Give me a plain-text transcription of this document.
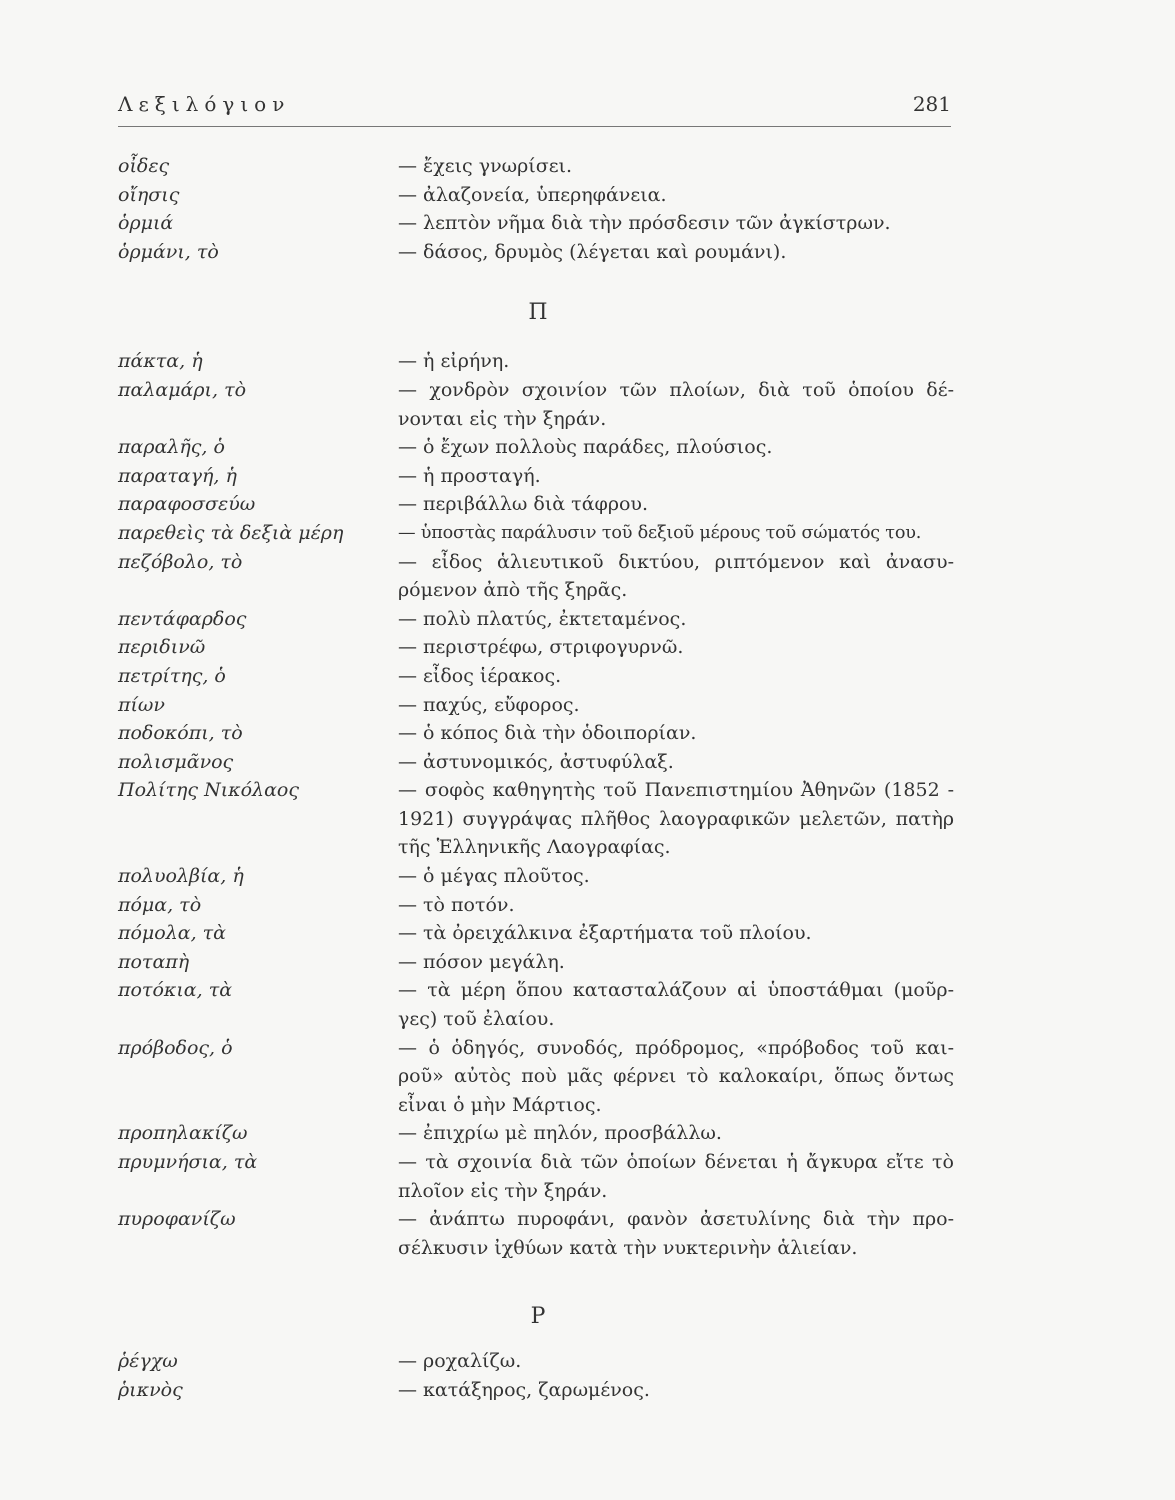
Λεξιλόγιον	281
οἶδες	— ἔχεις γνωρίσει.
οἴησις	— ἀλαζονεία, ὑπερηφάνεια.
ὁρμιά	— λεπτὸν νῆμα διὰ τὴν πρόσδεσιν τῶν ἀγκίστρων.
ὁρμάνι, τὸ	— δάσος, δρυμὸς (λέγεται καὶ ρουμάνι).
Π
πάκτα, ἡ	— ἡ εἰρήνη.
παλαμάρι, τὸ	— χονδρὸν σχοινίον τῶν πλοίων, διὰ τοῦ ὁποίου δέ-νονται εἰς τὴν ξηράν.
παραλῆς, ὁ	— ὁ ἔχων πολλοὺς παράδες, πλούσιος.
παραταγή, ἡ	— ἡ προσταγή.
παραφοσσεύω	— περιβάλλω διὰ τάφρου.
παρεθεὶς τὰ δεξιὰ μέρη	— ὑποστὰς παράλυσιν τοῦ δεξιοῦ μέρους τοῦ σώματός του.
πεζόβολο, τὸ	— εἶδος ἁλιευτικοῦ δικτύου, ριπτόμενον καὶ ἀνασυ-ρόμενον ἀπὸ τῆς ξηρᾶς.
πεντάφαρδος	— πολὺ πλατύς, ἐκτεταμένος.
περιδινῶ	— περιστρέφω, στριφογυρνῶ.
πετρίτης, ὁ	— εἶδος ἱέρακος.
πίων	— παχύς, εὔφορος.
ποδοκόπι, τὸ	— ὁ κόπος διὰ τὴν ὁδοιπορίαν.
πολισμᾶνος	— ἀστυνομικός, ἀστυφύλαξ.
Πολίτης Νικόλαος	— σοφὸς καθηγητὴς τοῦ Πανεπιστημίου Ἀθηνῶν (1852 - 1921) συγγράψας πλῆθος λαογραφικῶν μελετῶν, πατὴρ τῆς Ἑλληνικῆς Λαογραφίας.
πολυολβία, ἡ	— ὁ μέγας πλοῦτος.
πόμα, τὸ	— τὸ ποτόν.
πόμολα, τὰ	— τὰ ὀρειχάλκινα ἐξαρτήματα τοῦ πλοίου.
ποταπὴ	— πόσον μεγάλη.
ποτόκια, τὰ	— τὰ μέρη ὅπου κατασταλάζουν αἱ ὑποστάθμαι (μοῦρ-γες) τοῦ ἐλαίου.
πρόβοδος, ὁ	— ὁ ὁδηγός, συνοδός, πρόδρομος, «πρόβοδος τοῦ και-ροῦ» αὐτὸς ποὺ μᾶς φέρνει τὸ καλοκαίρι, ὅπως ὄντως εἶναι ὁ μὴν Μάρτιος.
προπηλακίζω	— ἐπιχρίω μὲ πηλόν, προσβάλλω.
πρυμνήσια, τὰ	— τὰ σχοινία διὰ τῶν ὁποίων δένεται ἡ ἄγκυρα εἴτε τὸ πλοῖον εἰς τὴν ξηράν.
πυροφανίζω	— ἀνάπτω πυροφάνι, φανὸν ἀσετυλίνης διὰ τὴν προ-σέλκυσιν ἰχθύων κατὰ τὴν νυκτερινὴν ἁλιείαν.
Ρ
ῥέγχω	— ροχαλίζω.
ῥικνὸς	— κατάξηρος, ζαρωμένος.
